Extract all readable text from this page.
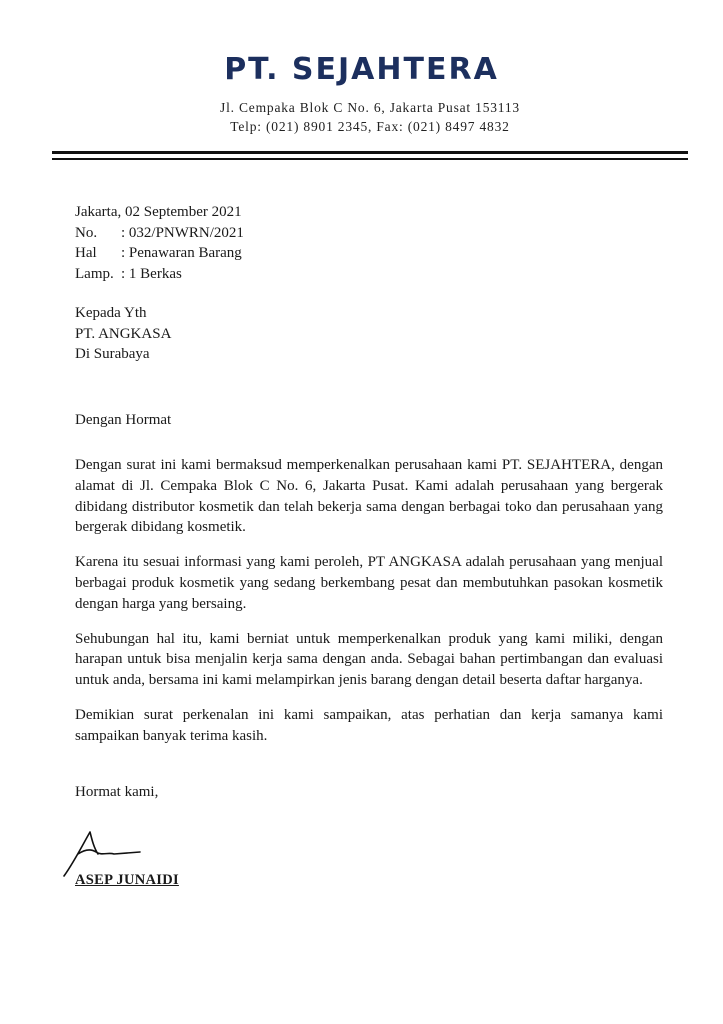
PT. SEJAHTERA
Jl. Cempaka Blok C No. 6, Jakarta Pusat 153113
Telp: (021) 8901 2345, Fax: (021) 8497 4832
Jakarta, 02 September 2021
No.	: 032/PNWRN/2021
Hal	: Penawaran Barang
Lamp. : 1 Berkas
Kepada Yth
PT. ANGKASA
Di Surabaya
Dengan Hormat

Dengan surat ini kami bermaksud memperkenalkan perusahaan kami PT. SEJAHTERA, dengan alamat di Jl. Cempaka Blok C No. 6, Jakarta Pusat. Kami adalah perusahaan yang bergerak dibidang distributor kosmetik dan telah bekerja sama dengan berbagai toko dan perusahaan yang bergerak dibidang kosmetik.

Karena itu sesuai informasi yang kami peroleh, PT ANGKASA adalah perusahaan yang menjual berbagai produk kosmetik yang sedang berkembang pesat dan membutuhkan pasokan kosmetik dengan harga yang bersaing.

Sehubungan hal itu, kami berniat untuk memperkenalkan produk yang kami miliki, dengan harapan untuk bisa menjalin kerja sama dengan anda. Sebagai bahan pertimbangan dan evaluasi untuk anda, bersama ini kami melampirkan jenis barang dengan detail beserta daftar harganya.

Demikian surat perkenalan ini kami sampaikan, atas perhatian dan kerja samanya kami sampaikan banyak terima kasih.

Hormat kami,
ASEP JUNAIDI
